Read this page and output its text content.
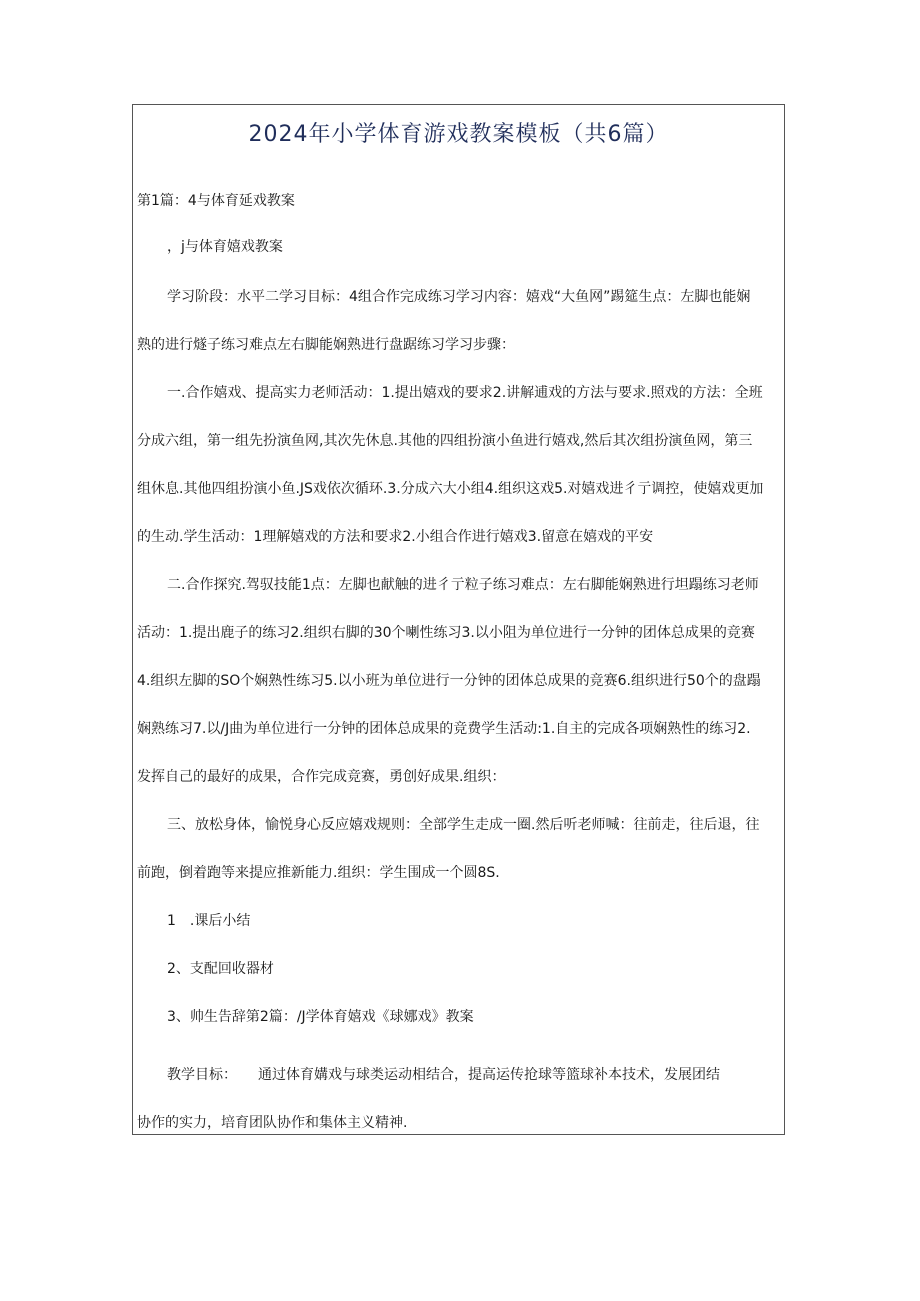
2024年小学体育游戏教案模板（共6篇）

第1篇：4与体育延戏教案

，j与体育嬉戏教案

学习阶段：水平二学习目标：4组合作完成练习学习内容：嬉戏“大鱼网”踢筵生点：左脚也能娴

熟的进行燧子练习难点左右脚能娴熟进行盘踞练习学习步骤：

一.合作嬉戏、提高实力老师活动：1.提出嬉戏的要求2.讲解逋戏的方法与要求.照戏的方法：全班

分成六组，第一组先扮演鱼网,其次先休息.其他的四组扮演小鱼进行嬉戏,然后其次组扮演鱼网，第三

组休息.其他四组扮演小鱼.JS戏依次循环.3.分成六大小组4.组织这戏5.对嬉戏进彳亍调控，使嬉戏更加

的生动.学生活动：1理解嬉戏的方法和要求2.小组合作进行嬉戏3.留意在嬉戏的平安

二.合作探究.驾驭技能1点：左脚也献触的进彳亍粒子练习难点：左右脚能娴熟进行坦蹋练习老师

活动：1.提出鹿子的练习2.组织右脚的30个喇性练习3.以小阻为单位进行一分钟的团体总成果的竞赛

4.组织左脚的SO个娴熟性练习5.以小班为单位进行一分钟的团体总成果的竞赛6.组织进行50个的盘蹋

娴熟练习7.以/J曲为单位进行一分钟的团体总成果的竞费学生活动:1.自主的完成各项娴熟性的练习2.

发挥自己的最好的成果，合作完成竞赛，勇创好成果.组织：

三、放松身体，愉悦身心反应嬉戏规则：全部学生走成一圈.然后听老师喊：往前走，往后退，往

前跑，倒着跑等来提应推新能力.组织：学生围成一个圆8S.

1　.课后小结

2、支配回收器材

3、帅生告辞第2篇：/J学体育嬉戏《球娜戏》教案

教学目标：　　通过体育媾戏与球类运动相结合，提高运传抢球等篮球补本技术，发展团结

协作的实力，培育团队协作和集体主义精神.
